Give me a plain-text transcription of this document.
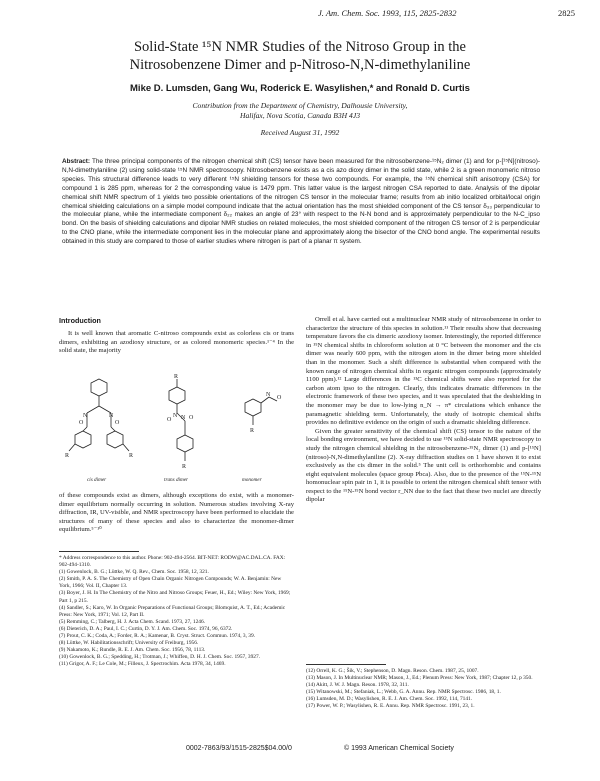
J. Am. Chem. Soc. 1993, 115, 2825-2832	2825
Solid-State ¹⁵N NMR Studies of the Nitroso Group in the
Nitrosobenzene Dimer and p-Nitroso-N,N-dimethylaniline
Mike D. Lumsden, Gang Wu, Roderick E. Wasylishen,* and Ronald D. Curtis
Contribution from the Department of Chemistry, Dalhousie University,
Halifax, Nova Scotia, Canada B3H 4J3
Received August 31, 1992
Abstract: The three principal components of the nitrogen chemical shift (CS) tensor have been measured for the nitrosobenzene-¹⁵N₂ dimer (1) and for p-[¹⁵N](nitroso)-N,N-dimethylaniline (2) using solid-state ¹⁵N NMR spectroscopy. Nitrosobenzene exists as a cis azo dioxy dimer in the solid state, while 2 is a green monomeric nitroso species. This structural difference leads to very different ¹⁵N shielding tensors for these two compounds. For example, the ¹⁵N chemical shift anisotropy (CSA) for compound 1 is 285 ppm, whereas for 2 the corresponding value is 1479 ppm. This latter value is the largest nitrogen CSA reported to date. Analysis of the dipolar chemical shift NMR spectrum of 1 yields two possible orientations of the nitrogen CS tensor in the molecular frame; results from ab initio localized orbital/local origin chemical shielding calculations on a simple model compound indicate that the actual orientation has the most shielded component of the CS tensor δ₃₃ perpendicular to the molecular plane, while the intermediate component δ₂₂ makes an angle of 23° with respect to the N-N bond and is approximately perpendicular to the N-C_ipso bond. On the basis of shielding calculations and dipolar NMR studies on related molecules, the most shielded component of the nitrogen CS tensor of 2 is perpendicular to the CNO plane, while the intermediate component lies in the molecular plane and approximately along the bisector of the CNO bond angle. The experimental results obtained in this study are compared to those of earlier studies where nitrogen is part of a planar π system.
Introduction

It is well known that aromatic C-nitroso compounds exist as colorless cis or trans dimers, exhibiting an azodioxy structure, or as colored monomeric species.¹⁻⁴ In the solid state, the majority

N	N
O	O
N N
O	O
N O
R	R
R
R
R
cis dimer	trans dimer	monomer

of these compounds exist as dimers, although exceptions do exist, with a monomer-dimer equilibrium normally occurring in solution. Numerous studies involving X-ray diffraction, IR, UV-visible, and NMR spectroscopy have been performed to elucidate the structures of many of these species and also to characterize the monomer-dimer equilibrium.⁵⁻¹⁰

* Address correspondence to this author. Phone: 902-494-2564. BIT-NET: RODW@AC.DAL.CA. FAX: 902-494-1310.
(1) Gowenlock, B. G.; Lüttke, W. Q. Rev., Chem. Soc. 1958, 12, 321.
(2) Smith, P. A. S. The Chemistry of Open Chain Organic Nitrogen Compounds; W. A. Benjamin: New York, 1966; Vol. II, Chapter 13.
(3) Boyer, J. H. In The Chemistry of the Nitro and Nitroso Groups; Feuer, H., Ed.; Wiley: New York, 1969; Part 1, p 215.
(4) Sandler, S.; Karo, W. In Organic Preparations of Functional Groups; Blomquist, A. T., Ed.; Academic Press: New York, 1971; Vol. 12, Part II.
(5) Remming, C.; Talberg, H. J. Acta Chem. Scand. 1973, 27, 1246.
(6) Dieterich, D. A.; Paul, I. C.; Curtin, D. Y. J. Am. Chem. Soc. 1974, 96, 6372.
(7) Prout, C. K.; Coda, A.; Forder, R. A.; Kamenar, B. Cryst. Struct. Commun. 1974, 3, 39.
(8) Lüttke, W. Habilitationsschrift; University of Freiburg, 1956.
(9) Nakamoto, K.; Rundle, R. E. J. Am. Chem. Soc. 1956, 78, 1113.
(10) Gowenlock, B. G.; Spedding, H.; Trotman, J.; Whiffen, D. H. J. Chem. Soc. 1957, 3927.
(11) Grigor, A. F.; Le Cole, M.; Filleux, J. Spectrochim. Acta 1978, 34, 1469.

Orrell et al. have carried out a multinuclear NMR study of nitrosobenzene in order to characterize the structure of this species in solution.¹¹ Their results show that decreasing temperature favors the cis dimeric azodioxy isomer. Interestingly, the reported difference in ¹⁵N chemical shifts in chloroform solution at 0 °C between the monomer and the cis dimer was nearly 600 ppm, with the nitrogen atom in the dimer being more shielded than in the monomer. Such a shift difference is substantial when compared with the known range of nitrogen chemical shifts in organic nitrogen compounds (approximately 1100 ppm).¹² Large differences in the ¹³C chemical shifts were also reported for the carbon atom ipso to the nitrogen. Clearly, this indicates dramatic differences in the electronic framework of these two species, and it was speculated that the deshielding in the monomer may be due to low-lying n_N → π* circulations which enhance the paramagnetic shielding term. Unfortunately, the study of isotropic chemical shifts provides no definitive evidence on the origin of such a dramatic shielding difference.

Given the greater sensitivity of the chemical shift (CS) tensor to the nature of the local bonding environment, we have decided to use ¹⁵N solid-state NMR spectroscopy to study the nitrogen chemical shielding in the nitrosobenzene-¹⁵N₂ dimer (1) and p-[¹⁵N](nitroso)-N,N-dimethylaniline (2). X-ray diffraction studies on 1 have shown it to exist exclusively as the cis dimer in the solid.⁵ The unit cell is orthorhombic and contains eight equivalent molecules (space group Pbca). Also, due to the presence of the ¹⁵N-¹⁵N homonuclear spin pair in 1, it is possible to orient the nitrogen chemical shift tensor with respect to the ¹⁵N-¹⁵N bond vector r_NN due to the fact that these two nuclei are directly dipolar

(12) Orrell, K. G.; Šik, V.; Stephenson, D. Magn. Reson. Chem. 1987, 25, 1007.
(13) Mason, J. In Multinuclear NMR; Mason, J., Ed.; Plenum Press: New York, 1987; Chapter 12, p 350.
(14) Akitt, J. W. J. Magn. Reson. 1978, 32, 311.
(15) Witanowski, M.; Stefaniak, L.; Webb, G. A. Annu. Rep. NMR Spectrosc. 1986, 18, 1.
(16) Lumsden, M. D.; Wasylishen, R. E. J. Am. Chem. Soc. 1992, 114, 7141.
(17) Power, W. P.; Wasylishen, R. E. Annu. Rep. NMR Spectrosc. 1991, 23, 1.
0002-7863/93/1515-2825$04.00/0	© 1993 American Chemical Society
